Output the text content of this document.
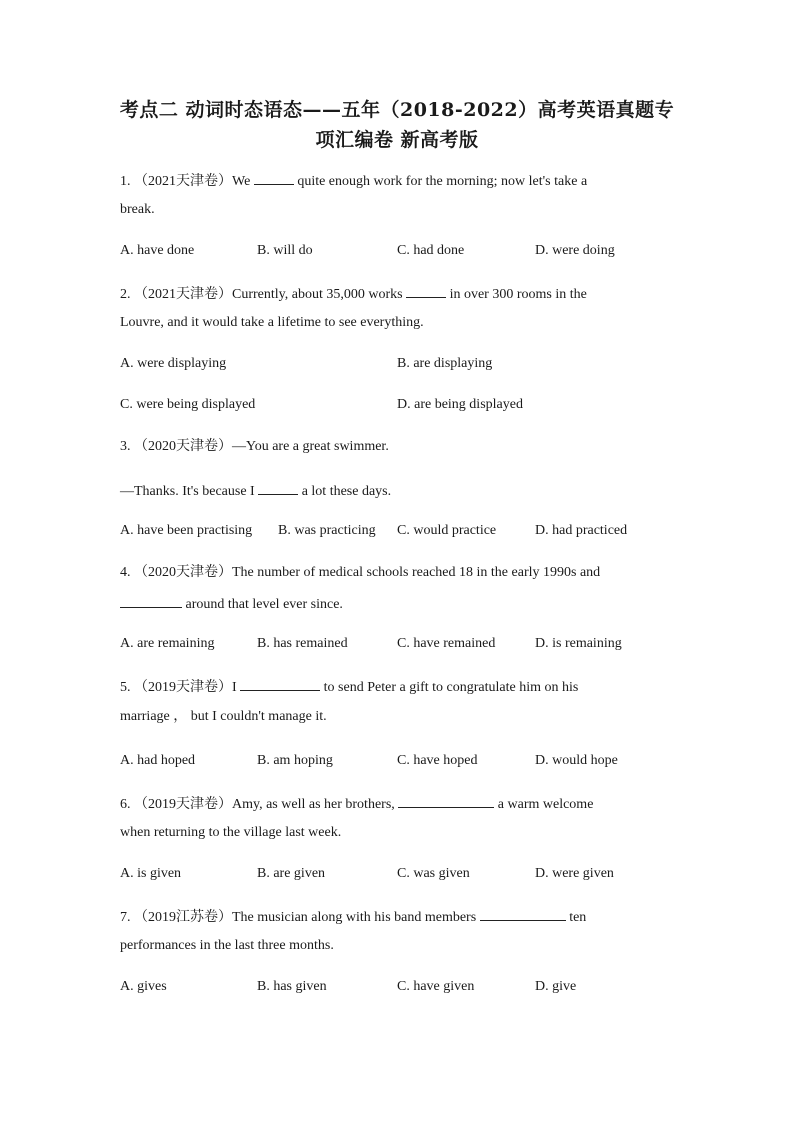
考点二 动词时态语态——五年（2018-2022）高考英语真题专
项汇编卷 新高考版
1. （2021天津卷）We	quite enough work for the morning; now let's take a
break.
A. have done	B. will do	C. had done	D. were doing
2. （2021天津卷）Currently, about 35,000 works	in over 300 rooms in the
Louvre, and it would take a lifetime to see everything.
A. were displaying	B. are displaying
C. were being displayed	D. are being displayed
3. （2020天津卷）—You are a great swimmer.
—Thanks. It's because I	a lot these days.
A. have been practising B. was practicing C. would practice	D. had practiced
4. （2020天津卷）The number of medical schools reached 18 in the early 1990s and
around that level ever since.
A. are remaining	B. has remained	C. have remained	D. is remaining
5. （2019天津卷）I	to send Peter a gift to congratulate him on his
marriage ， but I couldn't manage it.
A. had hoped	B. am hoping	C. have hoped	D. would hope
6. （2019天津卷）Amy, as well as her brothers,	a warm welcome
when returning to the village last week.
A. is given	B. are given	C. was given	D. were given
7. （2019江苏卷）The musician along with his band members	ten
performances in the last three months.
A. gives	B. has given	C. have given	D. give
